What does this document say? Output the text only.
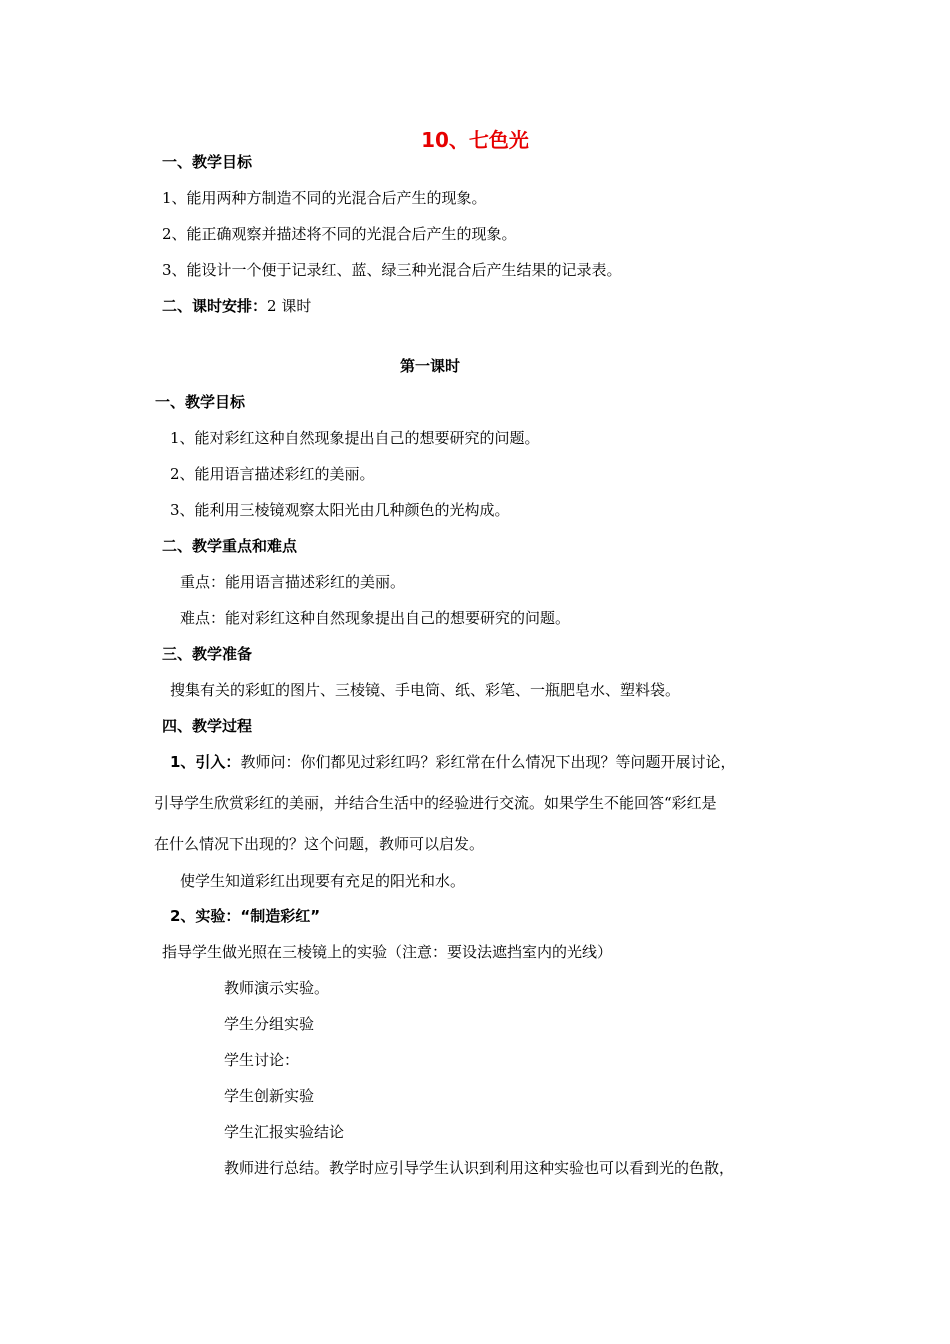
10、七色光
一、教学目标
1、能用两种方制造不同的光混合后产生的现象。
2、能正确观察并描述将不同的光混合后产生的现象。
3、能设计一个便于记录红、蓝、绿三种光混合后产生结果的记录表。
二、课时安排：2 课时
第一课时
一、教学目标
1、能对彩红这种自然现象提出自己的想要研究的问题。
2、能用语言描述彩红的美丽。
3、能利用三棱镜观察太阳光由几种颜色的光构成。
二、教学重点和难点
重点：能用语言描述彩红的美丽。
难点：能对彩红这种自然现象提出自己的想要研究的问题。
三、教学准备
搜集有关的彩虹的图片、三棱镜、手电筒、纸、彩笔、一瓶肥皂水、塑料袋。
四、教学过程
1、引入：教师问：你们都见过彩红吗？彩红常在什么情况下出现？等问题开展讨论，
引导学生欣赏彩红的美丽，并结合生活中的经验进行交流。如果学生不能回答“彩红是
在什么情况下出现的？这个问题，教师可以启发。
使学生知道彩红出现要有充足的阳光和水。
2、实验：“制造彩红”
指导学生做光照在三棱镜上的实验（注意：要设法遮挡室内的光线）
教师演示实验。
学生分组实验
学生讨论：
学生创新实验
学生汇报实验结论
教师进行总结。教学时应引导学生认识到利用这种实验也可以看到光的色散，
